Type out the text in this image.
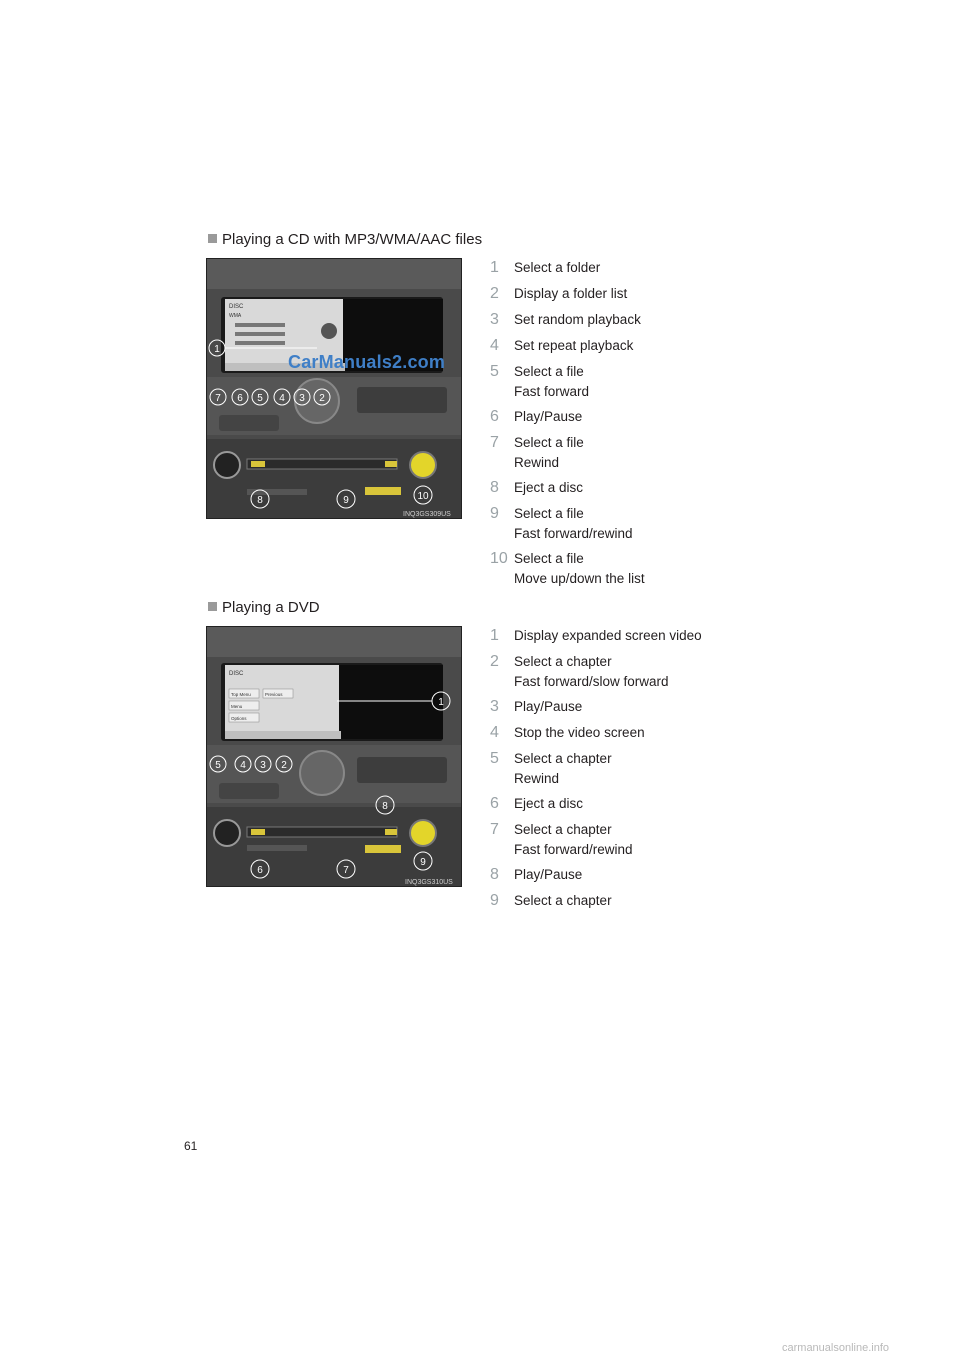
Playing a CD with MP3/WMA/AAC files
DISC
WMA
INQ3GS309US
1
7 6 5 4 3 2
8	9	10
CarManuals2.com
1 Select a folder
2 Display a folder list
3 Set random playback
4 Set repeat playback
5 Select a file
Fast forward
6 Play/Pause
7 Select a file
Rewind
8 Eject a disc
9 Select a file
Fast forward/rewind
10 Select a file
Move up/down the list
Playing a DVD
DISC
Top Menu	Previous
Menu
Options
INQ3GS310US
1
5 4 3 2
8
6	7
9
1 Display expanded screen video
2 Select a chapter
Fast forward/slow forward
3 Play/Pause
4 Stop the video screen
5 Select a chapter
Rewind
6 Eject a disc
7 Select a chapter
Fast forward/rewind
8 Play/Pause
9 Select a chapter
61
carmanualsonline.info
